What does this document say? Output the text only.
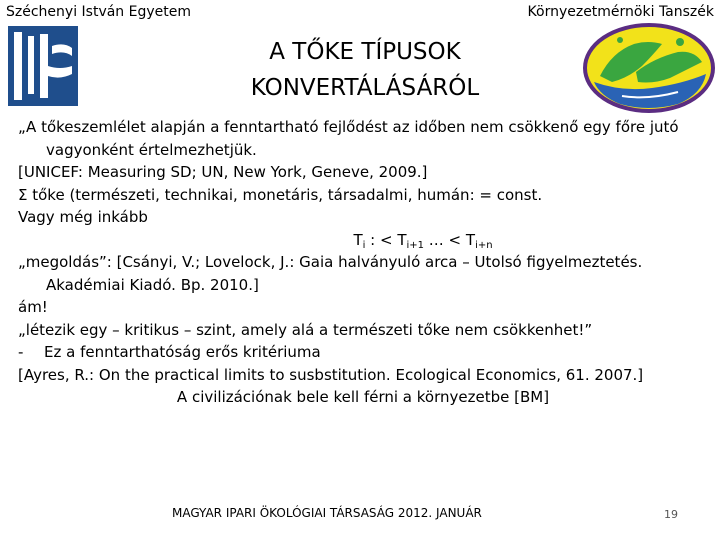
Széchenyi István Egyetem	Környezetmérnöki Tanszék
A TŐKE TÍPUSOK
KONVERTÁLÁSÁRÓL

„A tőkeszemlélet alapján a fenntartható fejlődést az időben nem csökkenő egy főre jutó vagyonként értelmezhetjük.

[UNICEF: Measuring SD; UN, New York, Geneve, 2009.]

Σ tőke (természeti, technikai, monetáris, társadalmi, humán: = const.

Vagy még inkább

$T_i$ : < $T_{i+1}$ … < $T_{i+n}$

„megoldás”: [Csányi, V.; Lovelock, J.: Gaia halványuló arca – Utolsó figyelmeztetés. Akadémiai Kiadó. Bp. 2010.]

ám!

„létezik egy – kritikus – szint, amely alá a természeti tőke nem csökkenhet!”

- Ez a fenntarthatóság erős kritériuma

[Ayres, R.: On the practical limits to susbstitution. Ecological Economics, 61. 2007.]

A civilizációnak bele kell férni a környezetbe [BM]

MAGYAR IPARI ÖKOLÓGIAI TÁRSASÁG 2012. JANUÁR	19
